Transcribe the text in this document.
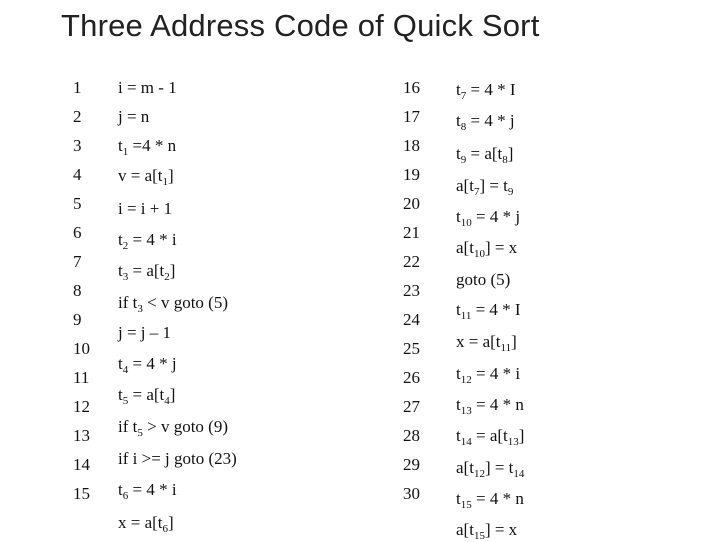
Three Address Code of Quick Sort
1
2
3
4
5
6
7
8
9
10
11
12
13
14
15
i = m - 1
j = n
$t_1 =4 * n$
$v = a[t_1]$
i = i + 1
$t_2 = 4 * i$
$t_3 = a[t_2]$
if $t_3 < v$ goto (5)
j = j – 1
$t_4 = 4 * j$
$t_5 = a[t_4]$
if $t_5 > v$ goto (9)
if i >= j goto (23)
$t_6 = 4 * i$
$x = a[t_6]$
16
17
18
19
20
21
22
23
24
25
26
27
28
29
30
$t_7 = 4 * I$
$t_8 = 4 * j$
$t_9 = a[t_8]$
$a[t_7] = t_9$
$t_{10} = 4 * j$
$a[t_{10}] = x$
goto (5)
$t_{11} = 4 * I$
$x = a[t_{11}]$
$t_{12} = 4 * i$
$t_{13} = 4 * n$
$t_{14} = a[t_{13}]$
$a[t_{12}] = t_{14}$
$t_{15} = 4 * n$
$a[t_{15}] = x$
